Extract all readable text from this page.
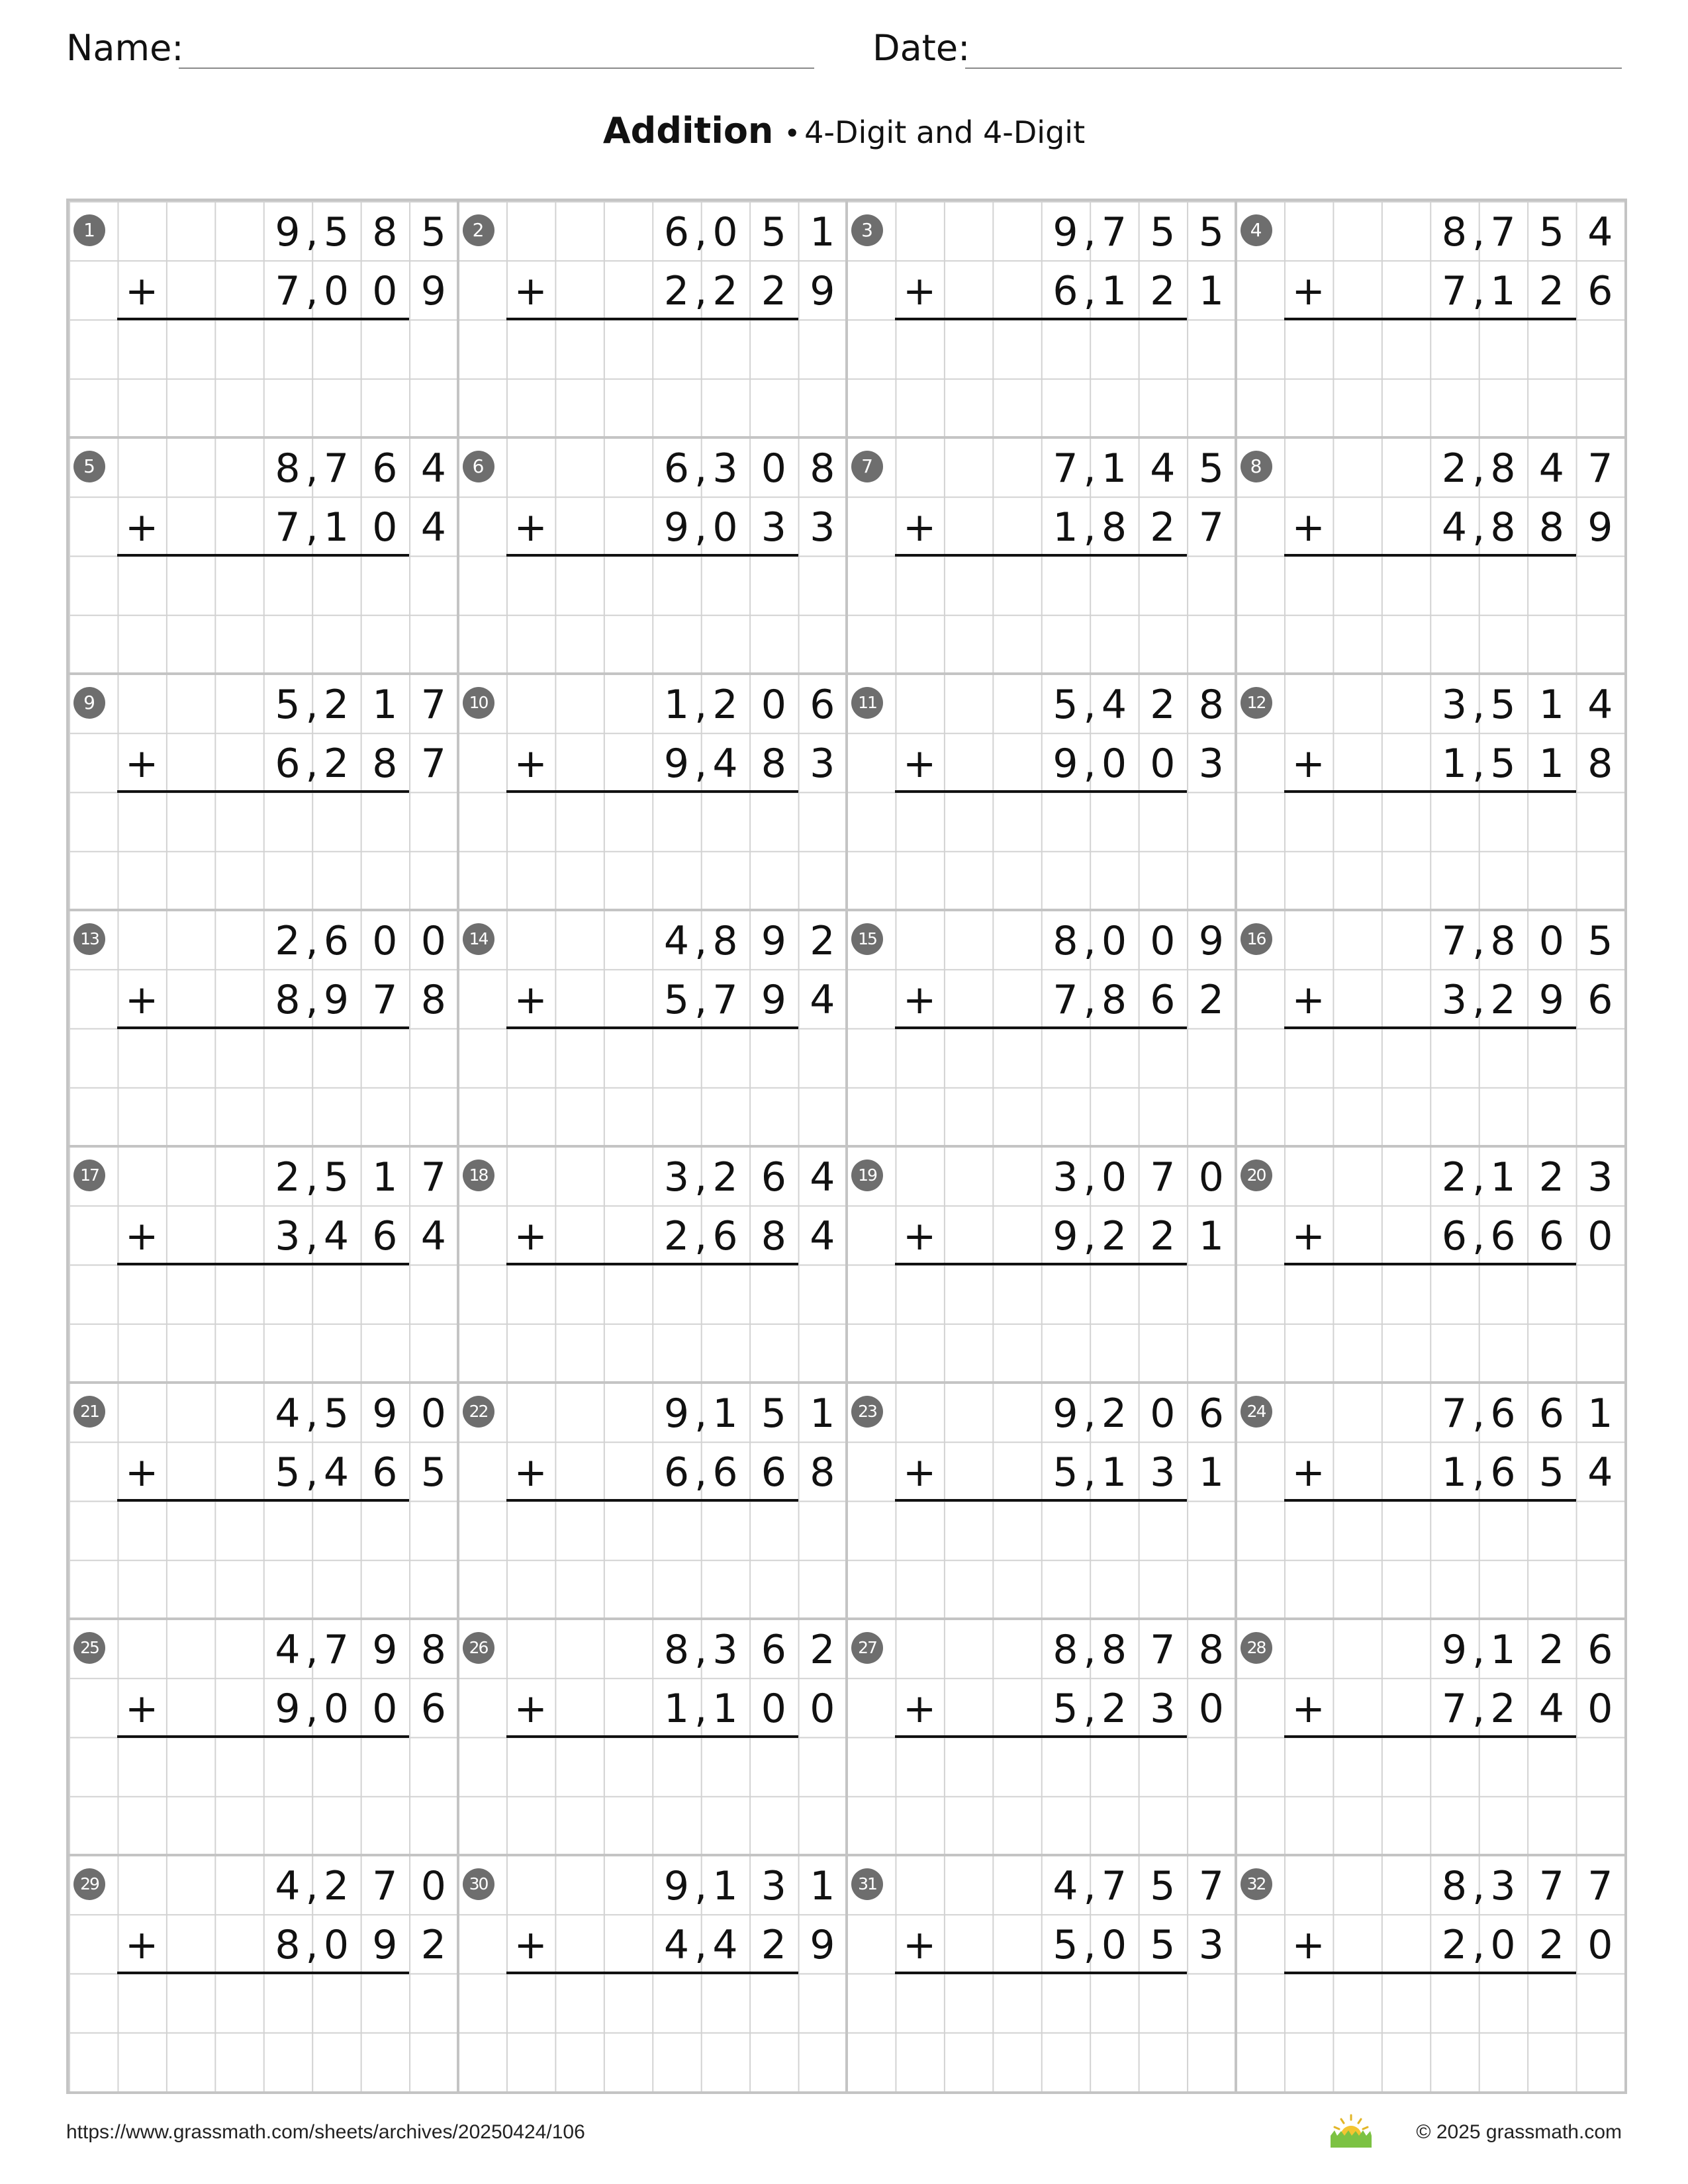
Name:	Date:
Addition • 4-Digit and 4-Digit
1	9 5 8 5
,
+	7 0 0 9
,
2	6 0 5 1
,
+	2 2 2 9
,
3	9 7 5 5
,
+	6 1 2 1
,
4	8 7 5 4
,
+	7 1 2 6
,
5	8 7 6 4
,
+	7 1 0 4
,
6	6 3 0 8
,
+	9 0 3 3
,
7	7 1 4 5
,
+	1 8 2 7
,
8	2 8 4 7
,
+	4 8 8 9
,
9	5 2 1 7
,
+	6 2 8 7
,
10	1 2 0 6
,
+	9 4 8 3
,
11	5 4 2 8
,
+	9 0 0 3
,
12	3 5 1 4
,
+	1 5 1 8
,
13	2 6 0 0
,
+	8 9 7 8
,
14	4 8 9 2
,
+	5 7 9 4
,
15	8 0 0 9
,
+	7 8 6 2
,
16	7 8 0 5
,
+	3 2 9 6
,
17	2 5 1 7
,
+	3 4 6 4
,
18	3 2 6 4
,
+	2 6 8 4
,
19	3 0 7 0
,
+	9 2 2 1
,
20	2 1 2 3
,
+	6 6 6 0
,
21	4 5 9 0
,
+	5 4 6 5
,
22	9 1 5 1
,
+	6 6 6 8
,
23	9 2 0 6
,
+	5 1 3 1
,
24	7 6 6 1
,
+	1 6 5 4
,
25	4 7 9 8
,
+	9 0 0 6
,
26	8 3 6 2
,
+	1 1 0 0
,
27	8 8 7 8
,
+	5 2 3 0
,
28	9 1 2 6
,
+	7 2 4 0
,
29	4 2 7 0
,
+	8 0 9 2
,
30	9 1 3 1
,
+	4 4 2 9
,
31	4 7 5 7
,
+	5 0 5 3
,
32	8 3 7 7
,
+	2 0 2 0
,
https://www.grassmath.com/sheets/archives/20250424/106	© 2025 grassmath.com
